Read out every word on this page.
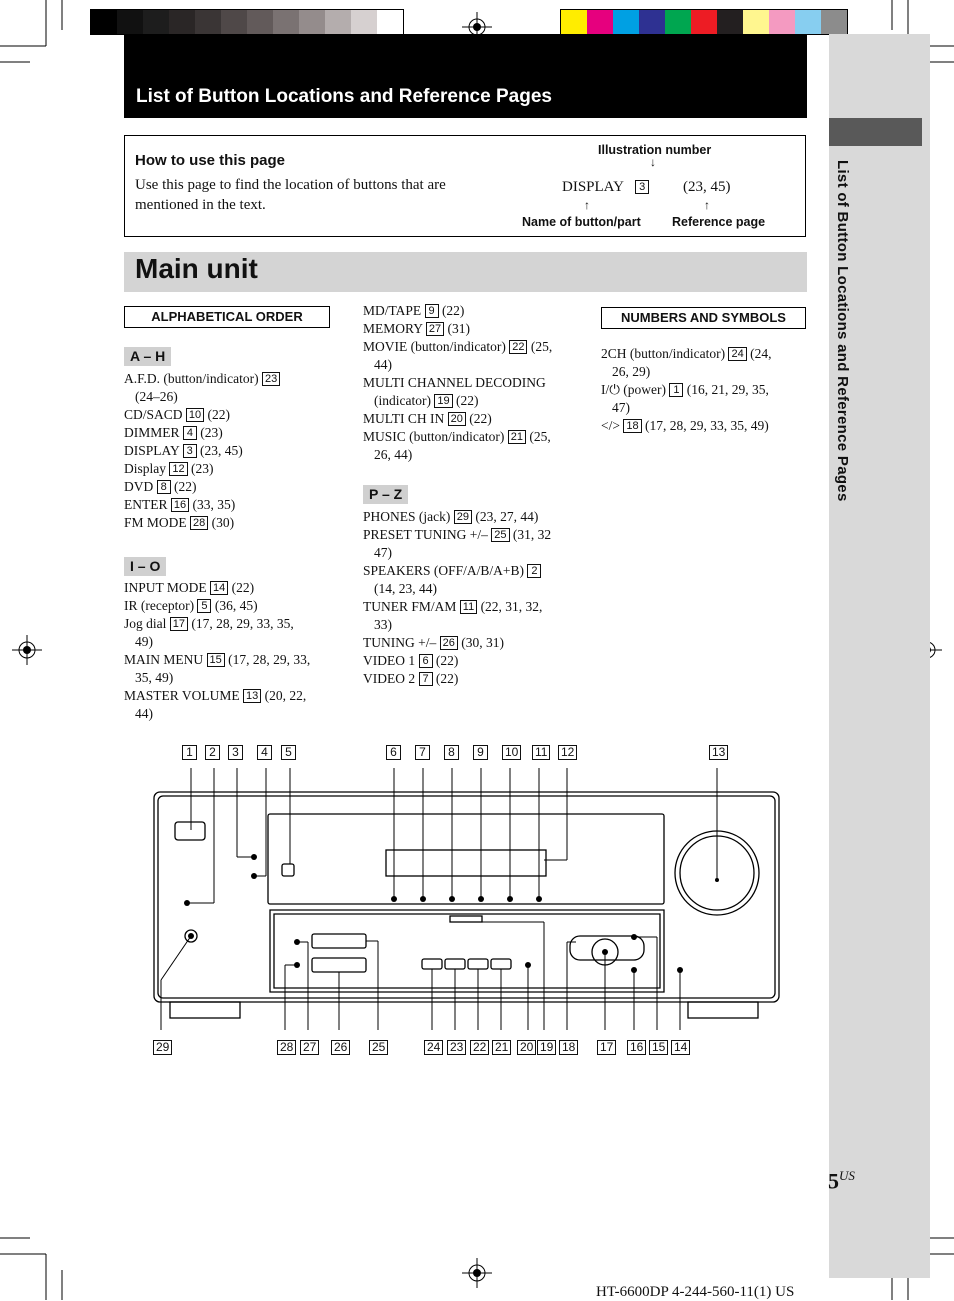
List of Button Locations and Reference Pages
List of Button Locations and Reference Pages
How to use this page
Use this page to find the location of buttons that are mentioned in the text.
Illustration number
↓
DISPLAY 3	(23, 45)
↑	↑
Name of button/part	Reference page
Main unit
ALPHABETICAL ORDER	NUMBERS AND SYMBOLS
A – H
A.F.D. (button/indicator) 23
(24–26)
CD/SACD 10 (22)
DIMMER 4 (23)
DISPLAY 3 (23, 45)
Display 12 (23)
DVD 8 (22)
ENTER 16 (33, 35)
FM MODE 28 (30)
I – O
INPUT MODE 14 (22)
IR (receptor) 5 (36, 45)
Jog dial 17 (17, 28, 29, 33, 35,
49)
MAIN MENU 15 (17, 28, 29, 33,
35, 49)
MASTER VOLUME 13 (20, 22,
44)
MD/TAPE 9 (22)
MEMORY 27 (31)
MOVIE (button/indicator) 22 (25,
44)
MULTI CHANNEL DECODING
(indicator) 19 (22)
MULTI CH IN 20 (22)
MUSIC (button/indicator) 21 (25,
26, 44)
P – Z
PHONES (jack) 29 (23, 27, 44)
PRESET TUNING +/– 25 (31, 32
47)
SPEAKERS (OFF/A/B/A+B) 2
(14, 23, 44)
TUNER FM/AM 11 (22, 31, 32,
33)
TUNING +/– 26 (30, 31)
VIDEO 1 6 (22)
VIDEO 2 7 (22)
2CH (button/indicator) 24 (24,
26, 29)
I/⏻ (power) 1 (16, 21, 29, 35,
47)
</> 18 (17, 28, 29, 33, 35, 49)
1	2	3	4	5	6	7	8	9	10 11 12	13
29	28 27 26 25	24 23 22 21 20 19 18 17 16 15 14
$5^{US}$
HT-6600DP 4-244-560-11(1) US
